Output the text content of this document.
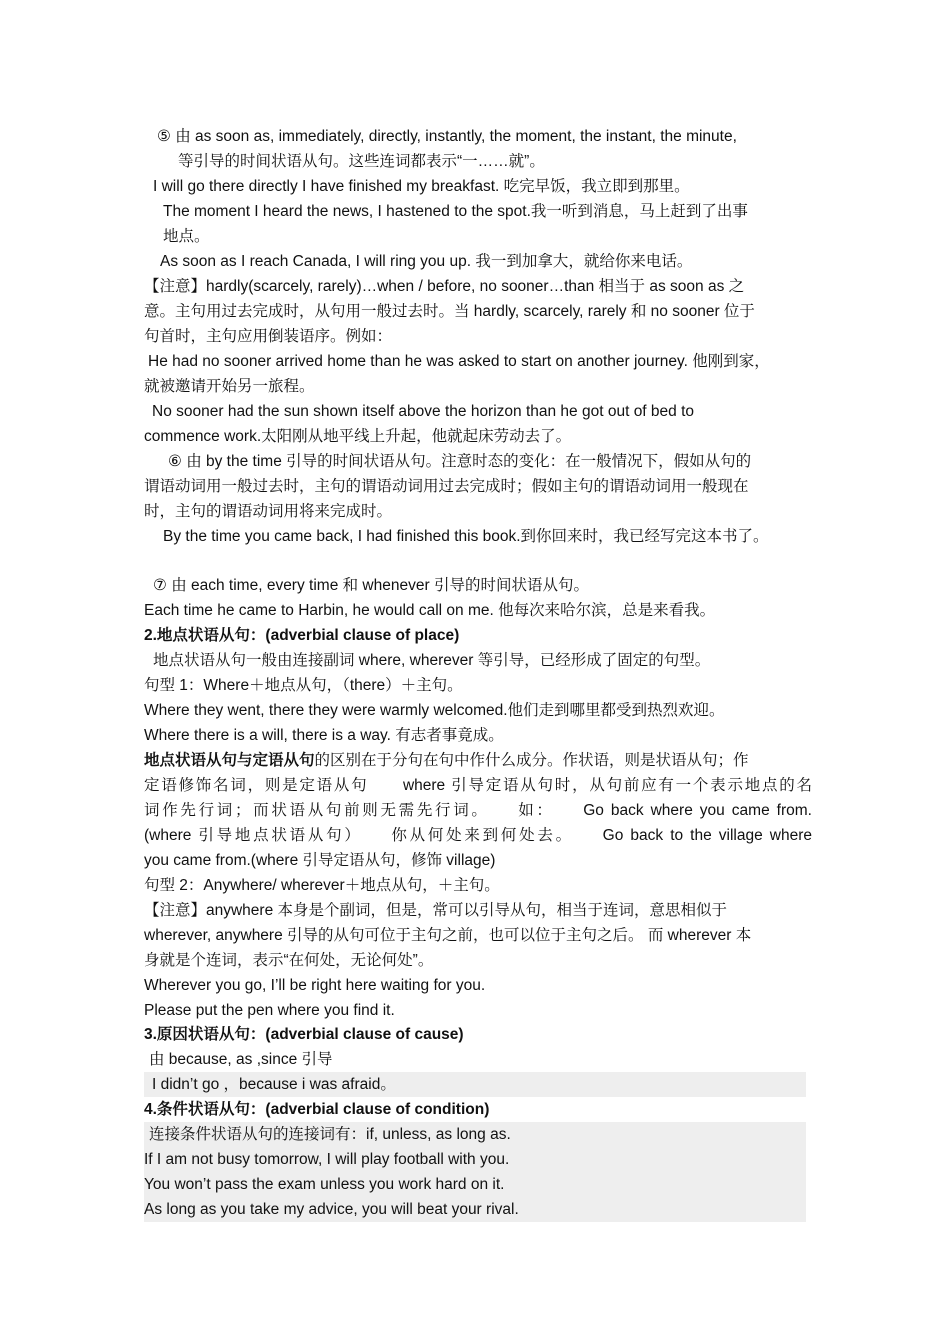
⑤ 由 as soon as, immediately, directly, instantly, the moment, the instant, the minute,
等引导的时间状语从句。这些连词都表示“一……就”。
I will go there directly I have finished my breakfast. 吃完早饭，我立即到那里。
The moment I heard the news, I hastened to the spot.我一听到消息，马上赶到了出事
地点。
As soon as I reach Canada, I will ring you up. 我一到加拿大，就给你来电话。
【注意】hardly(scarcely, rarely)…when / before, no sooner…than 相当于 as soon as 之
意。主句用过去完成时，从句用一般过去时。当 hardly, scarcely, rarely 和 no sooner 位于
句首时，主句应用倒装语序。例如：
He had no sooner arrived home than he was asked to start on another journey. 他刚到家，
就被邀请开始另一旅程。
No sooner had the sun shown itself above the horizon than he got out of bed to
commence work.太阳刚从地平线上升起，他就起床劳动去了。
⑥ 由 by the time 引导的时间状语从句。注意时态的变化：在一般情况下，假如从句的
谓语动词用一般过去时，主句的谓语动词用过去完成时；假如主句的谓语动词用一般现在
时，主句的谓语动词用将来完成时。
By the time you came back, I had finished this book.到你回来时，我已经写完这本书了。
⑦ 由 each time, every time 和 whenever 引导的时间状语从句。
Each time he came to Harbin, he would call on me. 他每次来哈尔滨，总是来看我。
2.地点状语从句：(adverbial clause of place)
地点状语从句一般由连接副词 where, wherever 等引导，已经形成了固定的句型。
句型 1：Where＋地点从句，（there）＋主句。
Where they went, there they were warmly welcomed.他们走到哪里都受到热烈欢迎。
Where there is a will, there is a way. 有志者事竟成。
地点状语从句与定语从句的区别在于分句在句中作什么成分。作状语，则是状语从句；作
定语修饰名词，则是定语从句　　where 引导定语从句时，从句前应有一个表示地点的名
词作先行词；而状语从句前则无需先行词。　　如：　　Go back where you came from.
(where 引导地点状语从句）　　你从何处来到何处去。　　Go back to the village where
you came from.(where 引导定语从句，修饰 village)
句型 2：Anywhere/ wherever＋地点从句，＋主句。
【注意】anywhere 本身是个副词，但是，常可以引导从句，相当于连词，意思相似于
wherever, anywhere 引导的从句可位于主句之前，也可以位于主句之后。 而 wherever 本
身就是个连词，表示“在何处，无论何处”。
Wherever you go, I’ll be right here waiting for you.
Please put the pen where you find it.
3.原因状语从句：(adverbial clause of cause)
由 because, as ,since 引导
I didn’t go ，because i was afraid。
4.条件状语从句：(adverbial clause of condition)
连接条件状语从句的连接词有：if, unless, as long as.
If I am not busy tomorrow, I will play football with you.
You won’t pass the exam unless you work hard on it.
As long as you take my advice, you will beat your rival.
